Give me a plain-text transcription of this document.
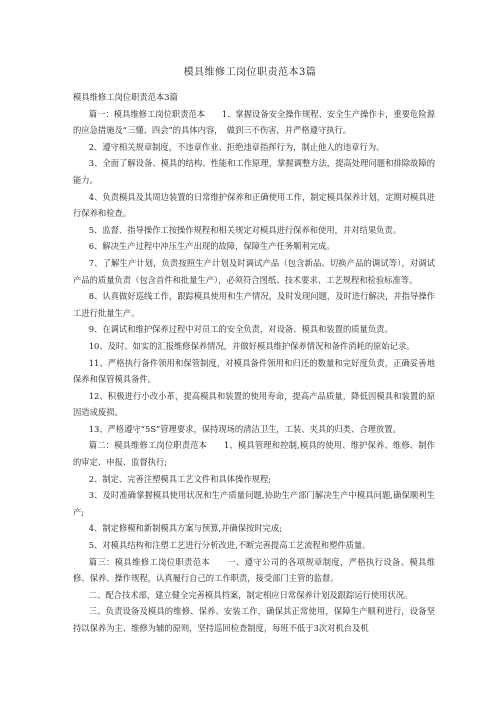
模具维修工岗位职责范本3篇

模具维修工岗位职责范本3篇

篇一：模具维修工岗位职责范本　　1、掌握设备安全操作规程、安全生产操作卡，重要危险源的应急措施及“三懂、四会”的具体内容，　做到三不伤害，并严格遵守执行。

2、遵守相关规章制度，不违章作业、拒绝违章指挥行为，制止他人的违章行为。

3、全面了解设备、模具的结构、性能和工作原理，掌握调整方法，提高处理问题和排除故障的能力。

4、负责模具及其周边装置的日常维护保养和正确使用工作，制定模具保养计划，定期对模具进行保养和检查。

5、监督、指导操作工按操作规程和相关规定对模具进行保养和使用，并对结果负责。

6、解决生产过程中冲压生产出现的故障，保障生产任务顺利完成。

7、了解生产计划，负责按照生产计划及时调试产品（包含新品、切换产品的调试等），对调试产品的质量负责（包含首件和批量生产），必须符合图纸、技术要求、工艺规程和检验标准等。

8、认真做好巡线工作，跟踪模具使用和生产情况，及时发现问题，及时进行解决，并指导操作工进行批量生产。

9、在调试和维护保养过程中对员工的安全负责，对设备、模具和装置的质量负责。

10、及时、如实的汇报维修保养情况，并做好模具维护保养情况和备件消耗的原始记录。

11、严格执行备件领用和保管制度，对模具备件领用和归还的数量和完好度负责，正确妥善地保养和保管模具备件。

12、积极进行小改小革，提高模具和装置的使用寿命，提高产品质量，降低因模具和装置的原因造成废损。

13、严格遵守“5S”管理要求，保持现场的清洁卫生，工装、夹具的归类、合理放置。

篇二：模具维修工岗位职责范本　　1、模具管理和控制,模具的使用、维护保养、维修、制作的审定、申报、监督执行;

2、制定、完善注塑模具工艺文件和具体操作规程;

3、及时准确掌握模具使用状况和生产质量问题,协助生产部门解决生产中模具问题,确保顺利生产;

4、制定修模和新制模具方案与预算,并确保按时完成;

5、对模具结构和注塑工艺进行分析改进,不断完善提高工艺流程和塑件质量。

篇三：模具维修工岗位职责范本　　一、遵守公司的各项规章制度，严格执行设备、模具维修、保养、操作规程，认真履行自己的工作职责，接受部门主管的监督。

二、配合技术部，建立健全完善模具档案，制定相应日常保养计划及跟踪运行使用状况。

三、负责设备及模具的维修、保养、安装工作，确保其正常使用，保障生产顺利进行，设备坚持以保养为主、维修为辅的原则，坚持巡回检查制度，每班不低于3次对机台及机
